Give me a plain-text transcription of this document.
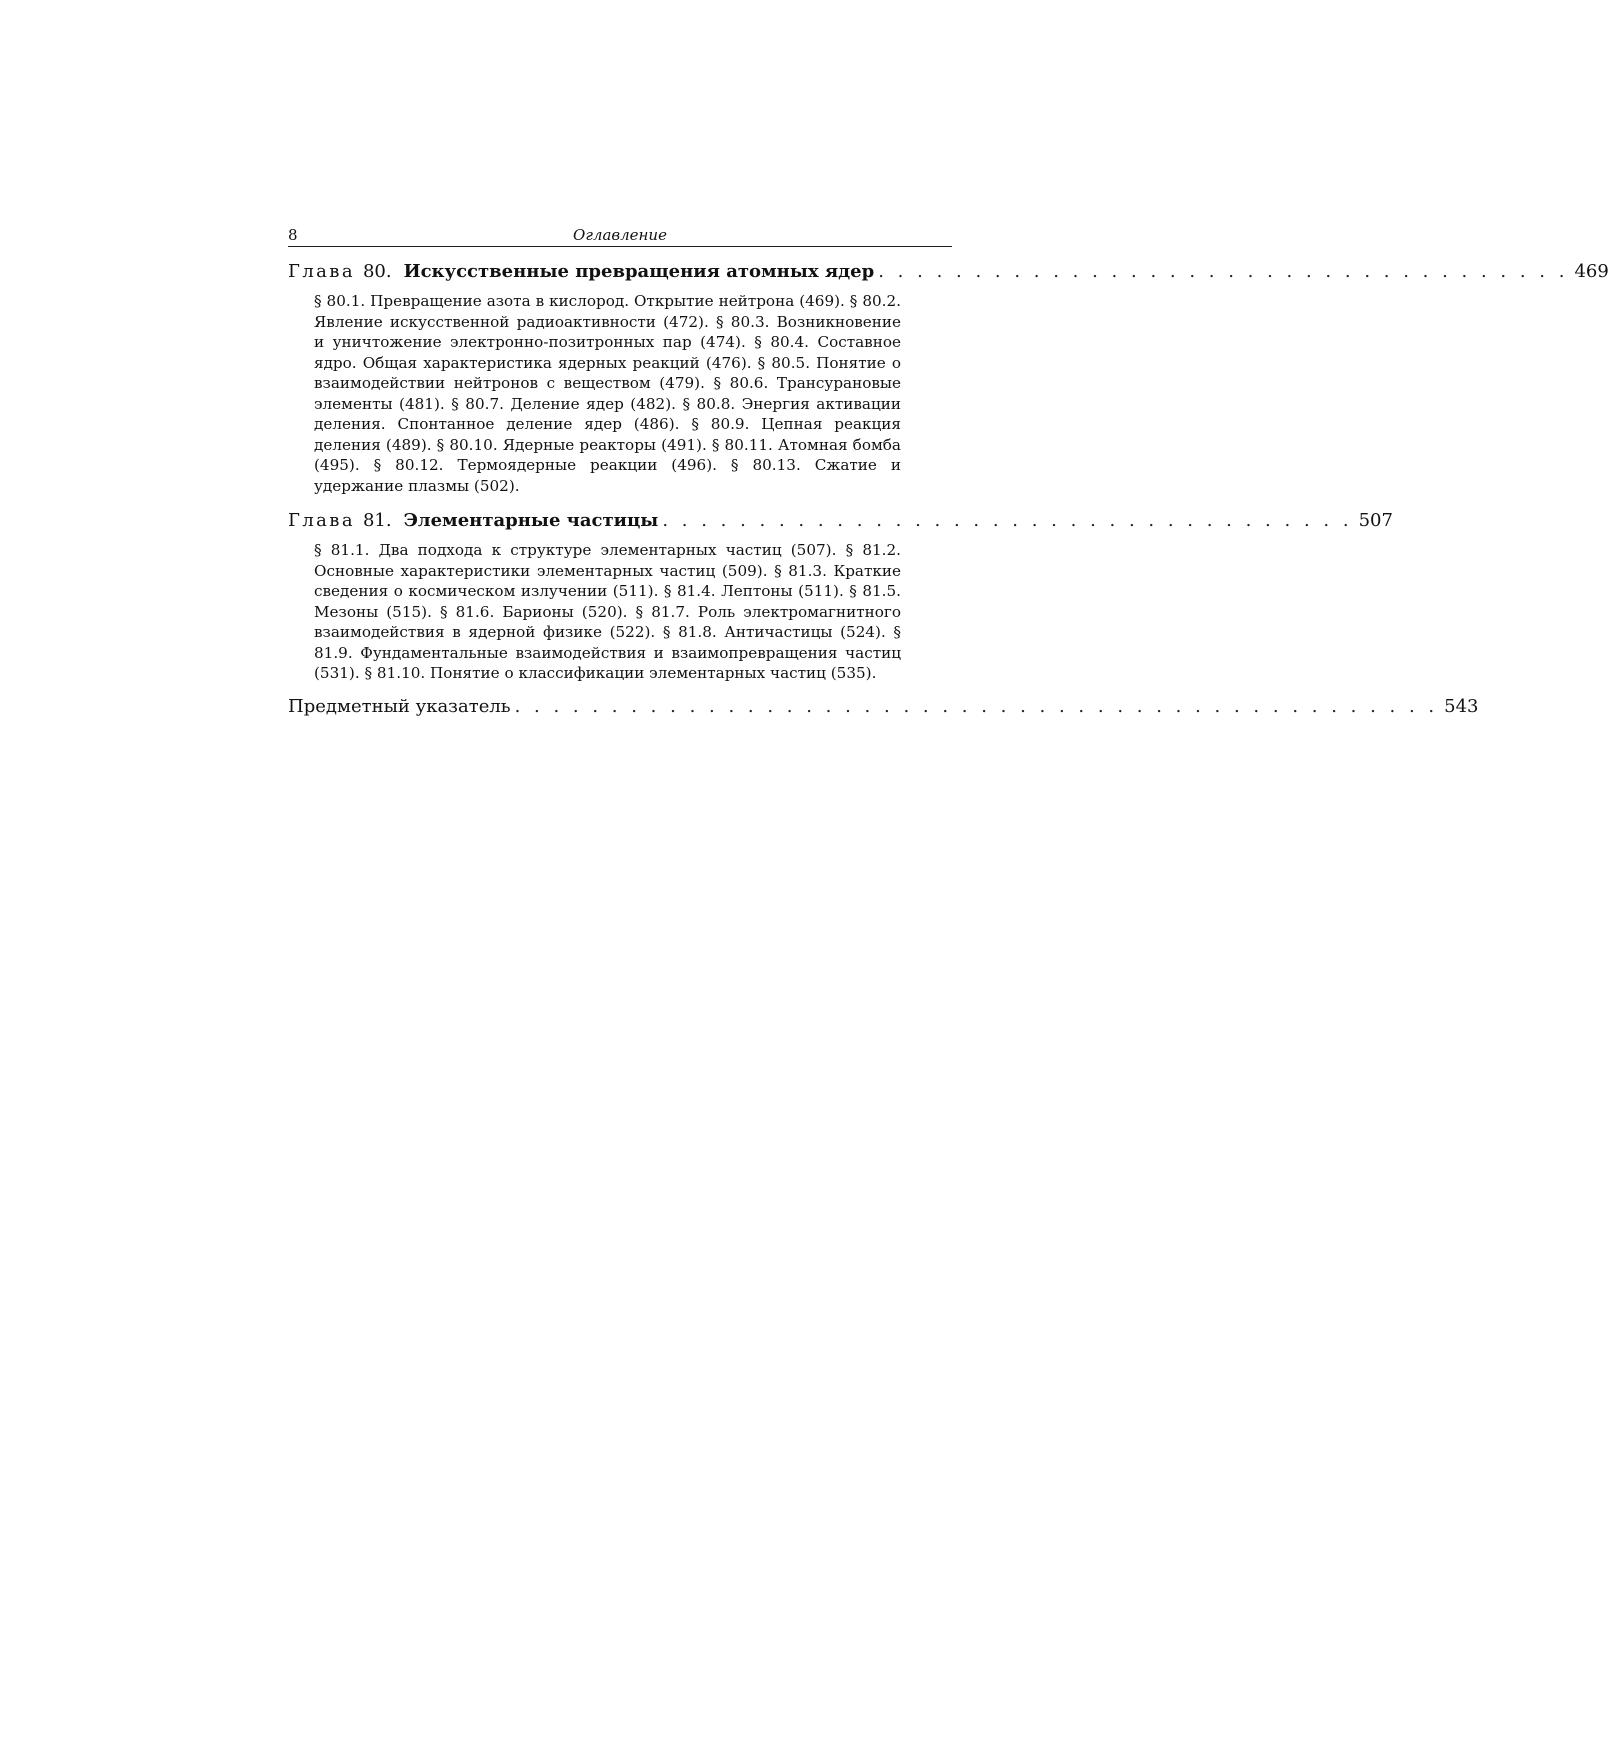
8	Оглавление
Глава 80. Искусственные превращения атомных ядер . . . . . . . . . . . . . . . . . . . . . . . . . . . . . . . . . . . . 469
§ 80.1. Превращение азота в кислород. Открытие нейтрона (469). § 80.2. Явление искусственной радиоактивности (472). § 80.3. Возникновение и уничтожение электронно-позитронных пар (474). § 80.4. Составное ядро. Общая характеристика ядерных реакций (476). § 80.5. Понятие о взаимодействии нейтронов с веществом (479). § 80.6. Трансурановые элементы (481). § 80.7. Деление ядер (482). § 80.8. Энергия активации деления. Спонтанное деление ядер (486). § 80.9. Цепная реакция деления (489). § 80.10. Ядерные реакторы (491). § 80.11. Атомная бомба (495). § 80.12. Термоядерные реакции (496). § 80.13. Сжатие и удержание плазмы (502).
Глава 81. Элементарные частицы . . . . . . . . . . . . . . . . . . . . . . . . . . . . . . . . . . . . 507
§ 81.1. Два подхода к структуре элементарных частиц (507). § 81.2. Основные характеристики элементарных частиц (509). § 81.3. Краткие сведения о космическом излучении (511). § 81.4. Лептоны (511). § 81.5. Мезоны (515). § 81.6. Барионы (520). § 81.7. Роль электромагнитного взаимодействия в ядерной физике (522). § 81.8. Античастицы (524). § 81.9. Фундаментальные взаимодействия и взаимопревращения частиц (531). § 81.10. Понятие о классификации элементарных частиц (535).
Предметный указатель . . . . . . . . . . . . . . . . . . . . . . . . . . . . . . . . . . . . . . . . . . . . . . . . 543
